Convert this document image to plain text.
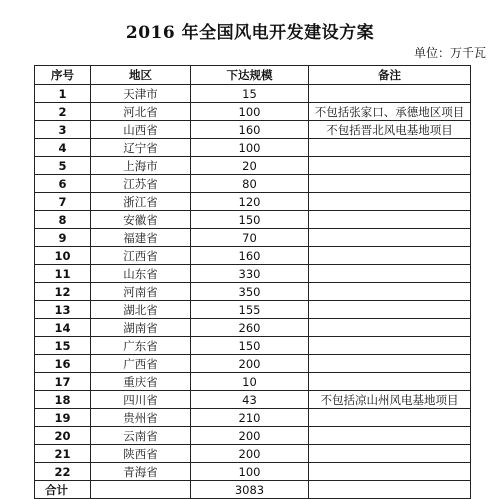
2016 年全国风电开发建设方案
单位：万千瓦
序号	地区	下达规模	备注
1	天津市	15	
2	河北省	100	不包括张家口、承德地区项目
3	山西省	160	不包括晋北风电基地项目
4	辽宁省	100	
5	上海市	20	
6	江苏省	80	
7	浙江省	120	
8	安徽省	150	
9	福建省	70	
10	江西省	160	
11	山东省	330	
12	河南省	350	
13	湖北省	155	
14	湖南省	260	
15	广东省	150	
16	广西省	200	
17	重庆省	10	
18	四川省	43	不包括凉山州风电基地项目
19	贵州省	210	
20	云南省	200	
21	陕西省	200	
22	青海省	100	
合计		3083	
